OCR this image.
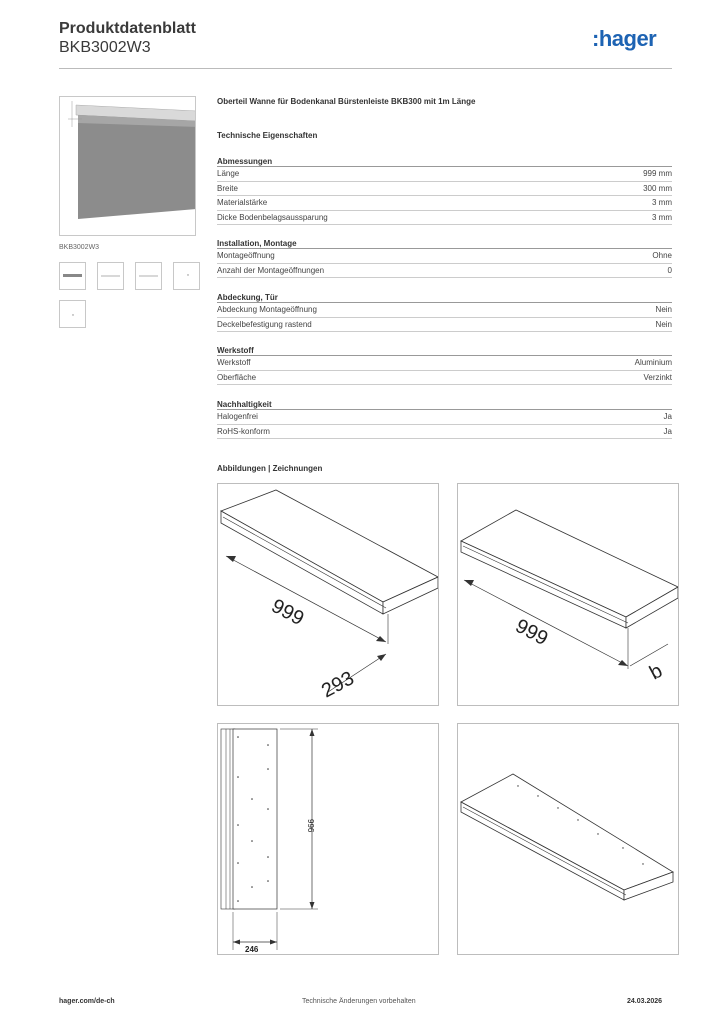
Produktdatenblatt
BKB3002W3	:hager
BKB3002W3
Oberteil Wanne für Bodenkanal Bürstenleiste BKB300 mit 1m Länge
Technische Eigenschaften
Abmessungen
Länge	999 mm
Breite	300 mm
Materialstärke	3 mm
Dicke Bodenbelagsaussparung	3 mm
Installation, Montage
Montageöffnung	Ohne
Anzahl der Montageöffnungen	0
Abdeckung, Tür
Abdeckung Montageöffnung	Nein
Deckelbefestigung rastend	Nein
Werkstoff
Werkstoff	Aluminium
Oberfläche	Verzinkt
Nachhaltigkeit
Halogenfrei	Ja
RoHS-konform	Ja
Abbildungen | Zeichnungen
999
293
999
b
996
246
hager.com/de-ch	Technische Änderungen vorbehalten	24.03.2026
